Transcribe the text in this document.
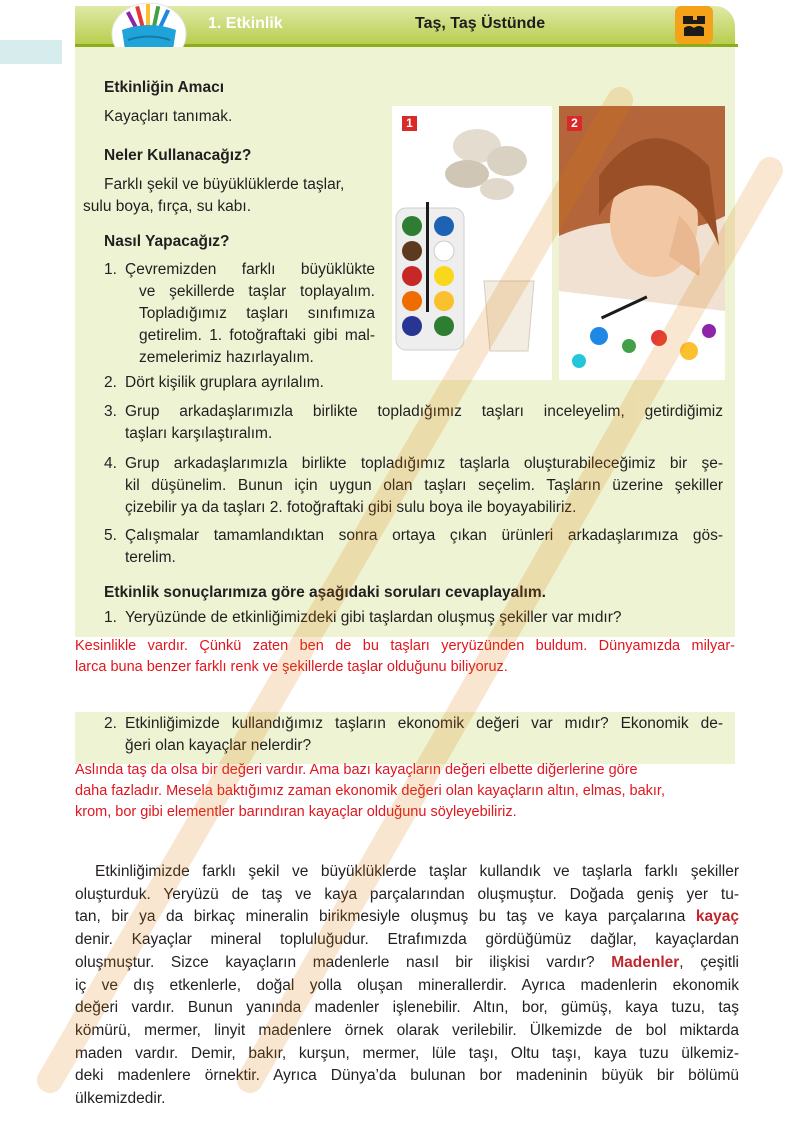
1. Etkinlik	Taş, Taş Üstünde
Etkinliğin Amacı
Kayaçları tanımak.
Neler Kullanacağız?
Farklı şekil ve büyüklüklerde taşlar,
sulu boya, fırça, su kabı.
1	2
Nasıl Yapacağız?
1. Çevremizden farklı büyüklükte
ve şekillerde taşlar toplayalım.
Topladığımız taşları sınıfımıza
getirelim. 1. fotoğraftaki gibi mal-
zemelerimiz hazırlayalım.
2. Dört kişilik gruplara ayrılalım.
3. Grup arkadaşlarımızla birlikte topladığımız taşları inceleyelim, getirdiğimiz
taşları karşılaştıralım.
4. Grup arkadaşlarımızla birlikte topladığımız taşlarla oluşturabileceğimiz bir şe-
kil düşünelim. Bunun için uygun olan taşları seçelim. Taşların üzerine şekiller
çizebilir ya da taşları 2. fotoğraftaki gibi sulu boya ile boyayabiliriz.
5. Çalışmalar tamamlandıktan sonra ortaya çıkan ürünleri arkadaşlarımıza gös-
terelim.
Etkinlik sonuçlarımıza göre aşağıdaki soruları cevaplayalım.
1. Yeryüzünde de etkinliğimizdeki gibi taşlardan oluşmuş şekiller var mıdır?
Kesinlikle vardır. Çünkü zaten ben de bu taşları yeryüzünden buldum. Dünyamızda milyar-
larca buna benzer farklı renk ve şekillerde taşlar olduğunu biliyoruz.
2. Etkinliğimizde kullandığımız taşların ekonomik değeri var mıdır? Ekonomik de-
ğeri olan kayaçlar nelerdir?
Aslında taş da olsa bir değeri vardır. Ama bazı kayaçların değeri elbette diğerlerine göre
daha fazladır. Mesela baktığımız zaman ekonomik değeri olan kayaçların altın, elmas, bakır,
krom, bor gibi elementler barındıran kayaçlar olduğunu söyleyebiliriz.
Etkinliğimizde farklı şekil ve büyüklüklerde taşlar kullandık ve taşlarla farklı şekiller
oluşturduk. Yeryüzü de taş ve kaya parçalarından oluşmuştur. Doğada geniş yer tu-
tan, bir ya da birkaç mineralin birikmesiyle oluşmuş bu taş ve kaya parçalarına kayaç
denir. Kayaçlar mineral topluluğudur. Etrafımızda gördüğümüz dağlar, kayaçlardan
oluşmuştur. Sizce kayaçların madenlerle nasıl bir ilişkisi vardır? Madenler, çeşitli
iç ve dış etkenlerle, doğal yolla oluşan minerallerdir. Ayrıca madenlerin ekonomik
değeri vardır. Bunun yanında madenler işlenebilir. Altın, bor, gümüş, kaya tuzu, taş
kömürü, mermer, linyit madenlere örnek olarak verilebilir. Ülkemizde de bol miktarda
maden vardır. Demir, bakır, kurşun, mermer, lüle taşı, Oltu taşı, kaya tuzu ülkemiz-
deki madenlere örnektir. Ayrıca Dünya’da bulunan bor madeninin büyük bir bölümü
ülkemizdedir.
